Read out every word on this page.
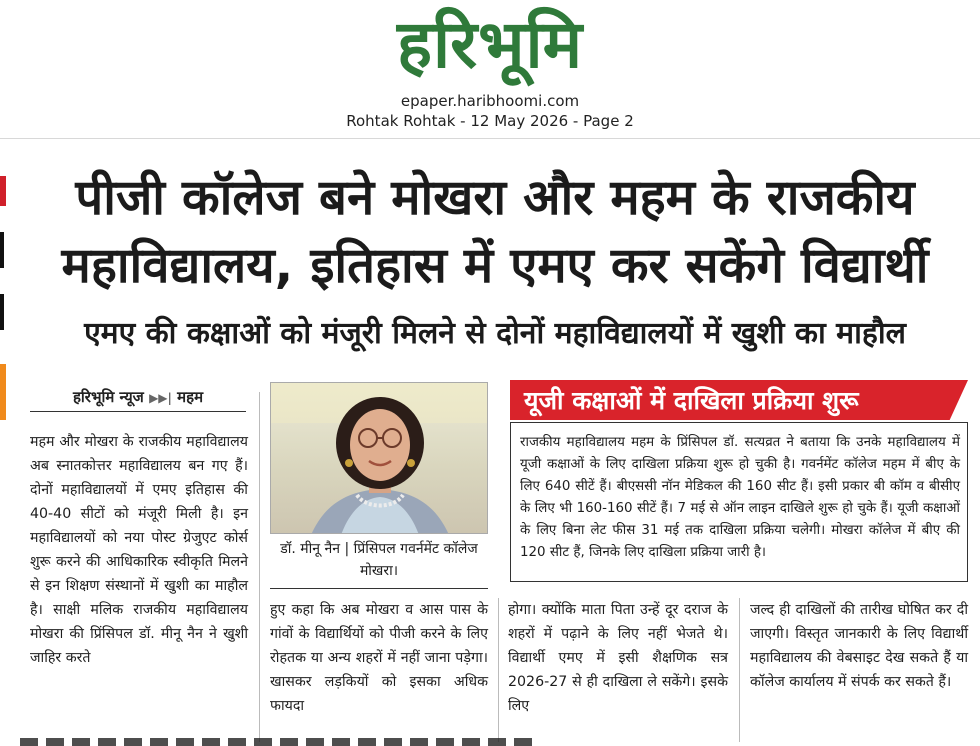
हरिभूमि
epaper.haribhoomi.com
Rohtak Rohtak - 12 May 2026 - Page 2
पीजी कॉलेज बने मोखरा और महम के राजकीय
महाविद्यालय, इतिहास में एमए कर सकेंगे विद्यार्थी
एमए की कक्षाओं को मंजूरी मिलने से दोनों महाविद्यालयों में खुशी का माहौल
हरिभूमि न्यूज ▶▶| महम
महम और मोखरा के राजकीय महाविद्यालय अब स्नातकोत्तर महाविद्यालय बन गए हैं। दोनों महाविद्यालयों में एमए इतिहास की 40-40 सीटों को मंजूरी मिली है। इन महाविद्यालयों को नया पोस्ट ग्रेजुएट कोर्स शुरू करने की आधिकारिक स्वीकृति मिलने से इन शिक्षण संस्थानों में खुशी का माहौल है। साक्षी मलिक राजकीय महाविद्यालय मोखरा की प्रिंसिपल डॉ. मीनू नैन ने खुशी जाहिर करते
डॉ. मीनू नैन | प्रिंसिपल गवर्नमेंट कॉलेज मोखरा।
यूजी कक्षाओं में दाखिला प्रक्रिया शुरू
राजकीय महाविद्यालय महम के प्रिंसिपल डॉ. सत्यव्रत ने बताया कि उनके महाविद्यालय में यूजी कक्षाओं के लिए दाखिला प्रक्रिया शुरू हो चुकी है। गवर्नमेंट कॉलेज महम में बीए के लिए 640 सीटें हैं। बीएससी नॉन मेडिकल की 160 सीट हैं। इसी प्रकार बी कॉम व बीसीए के लिए भी 160-160 सीटें हैं। 7 मई से ऑन लाइन दाखिले शुरू हो चुके हैं। यूजी कक्षाओं के लिए बिना लेट फीस 31 मई तक दाखिला प्रक्रिया चलेगी। मोखरा कॉलेज में बीए की 120 सीट हैं, जिनके लिए दाखिला प्रक्रिया जारी है।
हुए कहा कि अब मोखरा व आस पास के गांवों के विद्यार्थियों को पीजी करने के लिए रोहतक या अन्य शहरों में नहीं जाना पड़ेगा। खासकर लड़कियों को इसका अधिक फायदा
होगा। क्योंकि माता पिता उन्हें दूर दराज के शहरों में पढ़ाने के लिए नहीं भेजते थे। विद्यार्थी एमए में इसी शैक्षणिक सत्र 2026-27 से ही दाखिला ले सकेंगे। इसके लिए
जल्द ही दाखिलों की तारीख घोषित कर दी जाएगी। विस्तृत जानकारी के लिए विद्यार्थी महाविद्यालय की वेबसाइट देख सकते हैं या कॉलेज कार्यालय में संपर्क कर सकते हैं।
